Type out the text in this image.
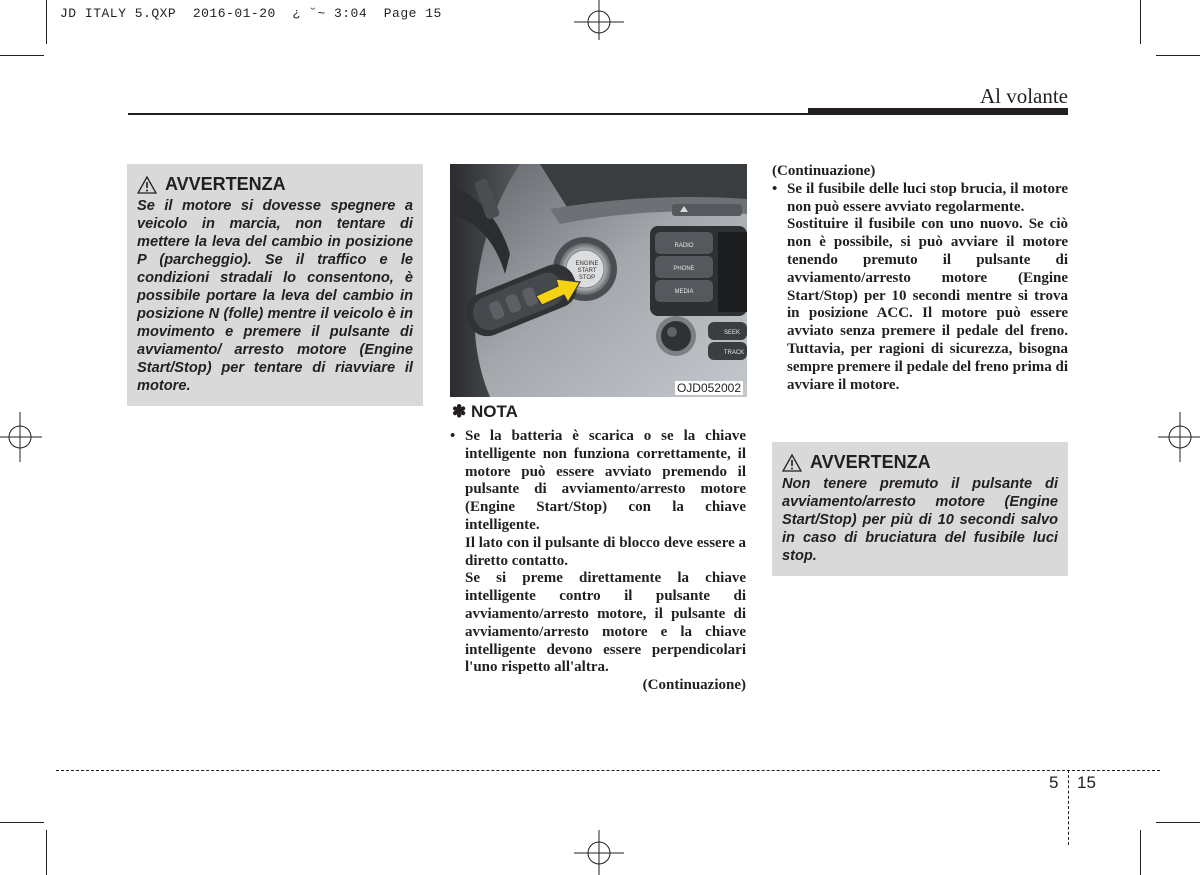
JD ITALY 5.QXP  2016-01-20  ¿ ˘~ 3:04  Page 15
Al volante
AVVERTENZA
Se il motore si dovesse spegnere a veicolo in marcia, non tentare di mettere la leva del cambio in posizione P (parcheggio). Se il traffico e le condizioni stradali lo consentono, è possibile portare la leva del cambio in posizione N (folle) mentre il veicolo è in movimento e premere il pulsante di avviamento/ arresto motore (Engine Start/Stop) per tentare di riavviare il motore.
RADIO
PHONE
MEDIA
SEEK
TRACK
ENGINE
START
STOP
OJD052002
✽ NOTA
• Se la batteria è scarica o se la chiave intelligente non funziona correttamente, il motore può essere avviato premendo il pulsante di avviamento/arresto motore (Engine Start/Stop) con la chiave intelligente.

Il lato con il pulsante di blocco deve essere a diretto contatto.

Se si preme direttamente la chiave intelligente contro il pulsante di avviamento/arresto motore, il pulsante di avviamento/arresto motore e la chiave intelligente devono essere perpendicolari l'uno rispetto all'altra.

(Continuazione)
(Continuazione)
• Se il fusibile delle luci stop brucia, il motore non può essere avviato regolarmente.

Sostituire il fusibile con uno nuovo. Se ciò non è possibile, si può avviare il motore tenendo premuto il pulsante di avviamento/arresto motore (Engine Start/Stop) per 10 secondi mentre si trova in posizione ACC. Il motore può essere avviato senza premere il pedale del freno. Tuttavia, per ragioni di sicurezza, bisogna sempre premere il pedale del freno prima di avviare il motore.

AVVERTENZA
Non tenere premuto il pulsante di avviamento/arresto motore (Engine Start/Stop) per più di 10 secondi salvo in caso di bruciatura del fusibile luci stop.
5 15
